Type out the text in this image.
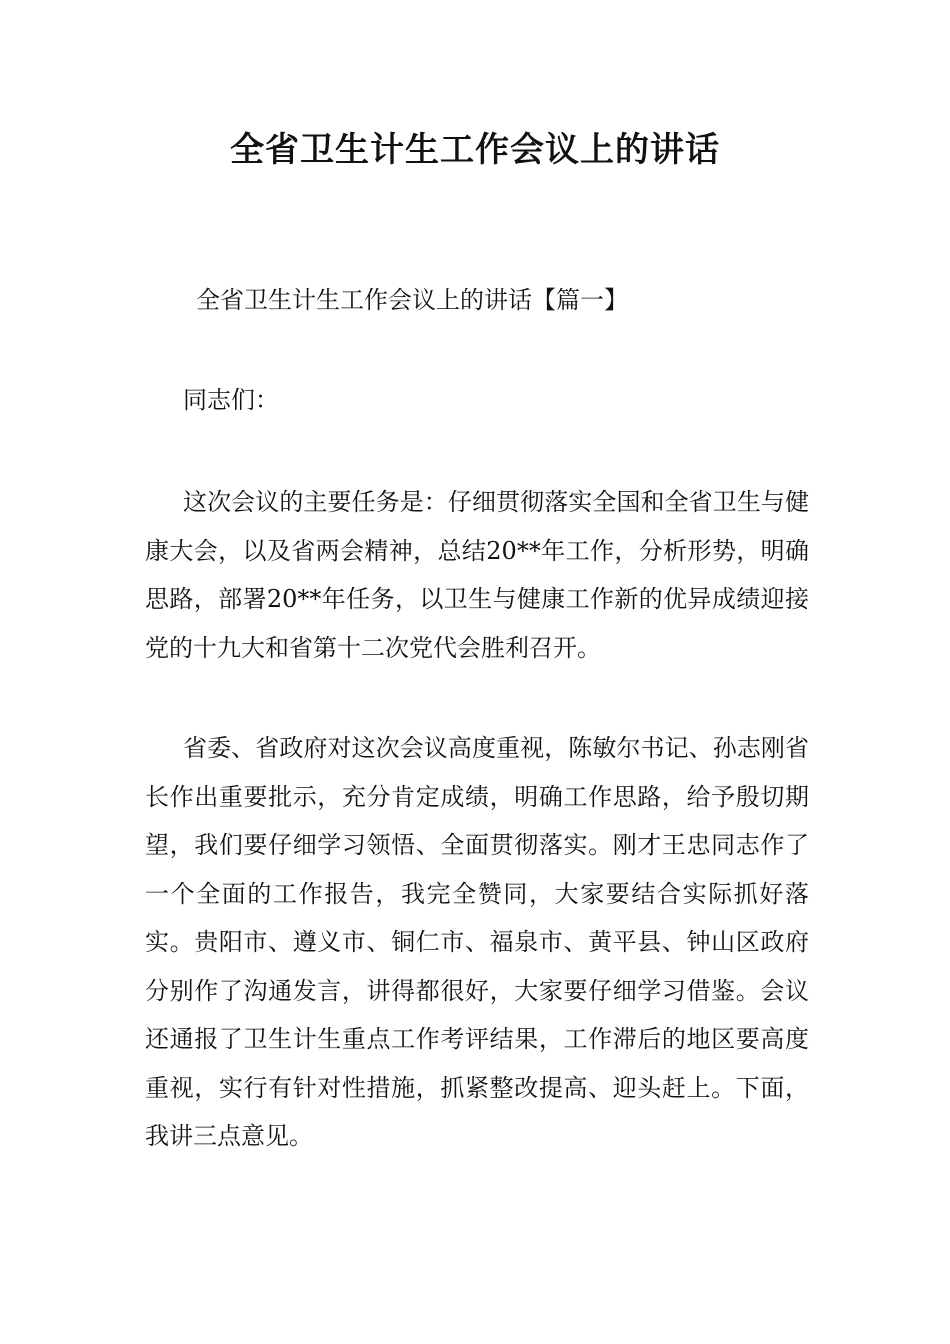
全省卫生计生工作会议上的讲话

全省卫生计生工作会议上的讲话【篇一】

同志们：

这次会议的主要任务是：仔细贯彻落实全国和全省卫生与健康大会，以及省两会精神，总结20**年工作，分析形势，明确思路，部署20**年任务，以卫生与健康工作新的优异成绩迎接党的十九大和省第十二次党代会胜利召开。

省委、省政府对这次会议高度重视，陈敏尔书记、孙志刚省长作出重要批示，充分肯定成绩，明确工作思路，给予殷切期望，我们要仔细学习领悟、全面贯彻落实。刚才王忠同志作了一个全面的工作报告，我完全赞同，大家要结合实际抓好落实。贵阳市、遵义市、铜仁市、福泉市、黄平县、钟山区政府分别作了沟通发言，讲得都很好，大家要仔细学习借鉴。会议还通报了卫生计生重点工作考评结果，工作滞后的地区要高度重视，实行有针对性措施，抓紧整改提高、迎头赶上。下面，我讲三点意见。
